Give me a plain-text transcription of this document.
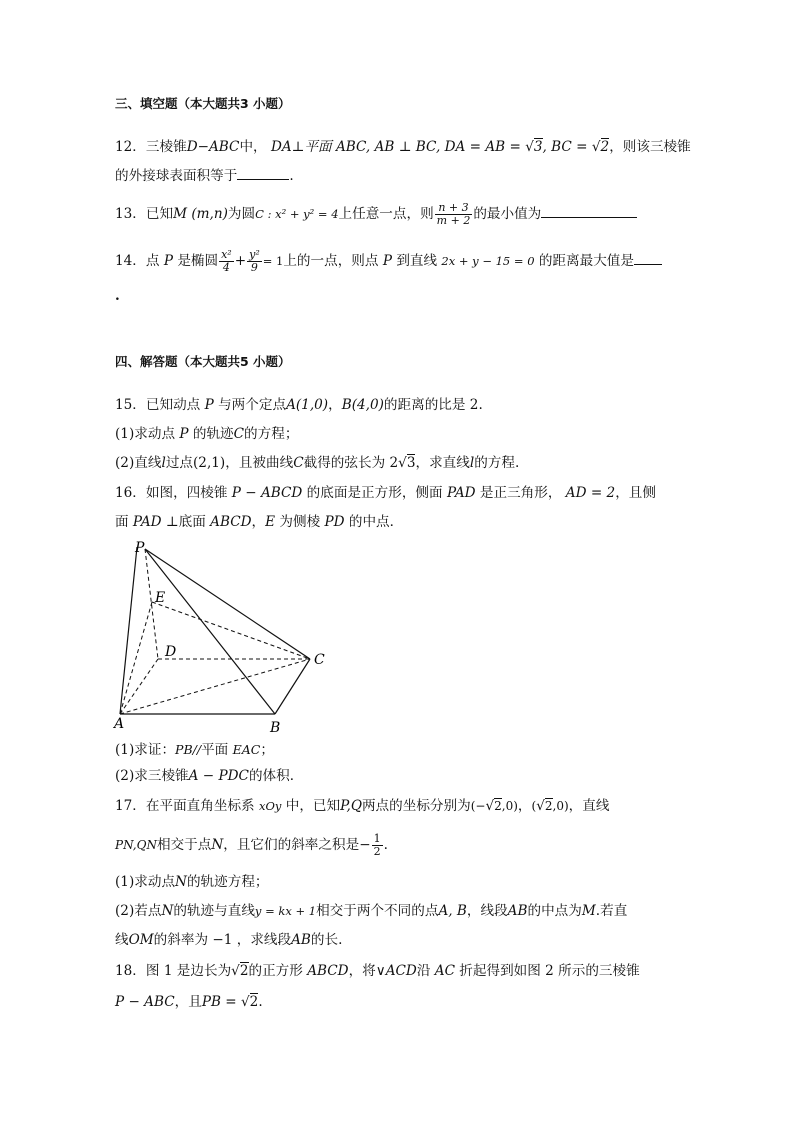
三、填空题（本大题共3 小题）
12．三棱锥D−ABC中， DA⊥平面 ABC, AB ⊥ BC, DA = AB = √3, BC = √2，则该三棱锥
的外接球表面积等于	.
13．已知M (m,n)为圆C : x² + y² = 4上任意一点，则 $\frac{n + 3}{m + 2}$ 的最小值为
14．点 P 是椭圆 $\frac{\text{x²}}{4} + \frac{\text{y²}}{9} = 1$上的一点，则点 P 到直线 2x + y − 15 = 0 的距离最大值是
.
四、解答题（本大题共5 小题）
15．已知动点 P 与两个定点A(1,0)，B(4,0)的距离的比是 2.
(1)求动点 P 的轨迹C的方程；
(2)直线l过点(2,1)，且被曲线C截得的弦长为 2√3，求直线l的方程.
16．如图，四棱锥 P − ABCD 的底面是正方形，侧面 PAD 是正三角形， AD = 2，且侧
面 PAD ⊥底面 ABCD，E 为侧棱 PD 的中点．
P
E
D	C
A	B
(1)求证：PB//平面 EAC；
(2)求三棱锥A − PDC的体积．
17．在平面直角坐标系 xOy 中，已知P,Q两点的坐标分别为(−√2,0)，(√2,0)，直线
PN,QN相交于点N，且它们的斜率之积是− $\frac{1}{2}$ .
(1)求动点N的轨迹方程；
(2)若点N的轨迹与直线y = kx + 1相交于两个不同的点A, B，线段AB的中点为M.若直
线OM的斜率为 −1 ，求线段AB的长.
18．图 1 是边长为√2的正方形 ABCD，将∨ACD沿 AC 折起得到如图 2 所示的三棱锥
P − ABC，且PB = √2.
